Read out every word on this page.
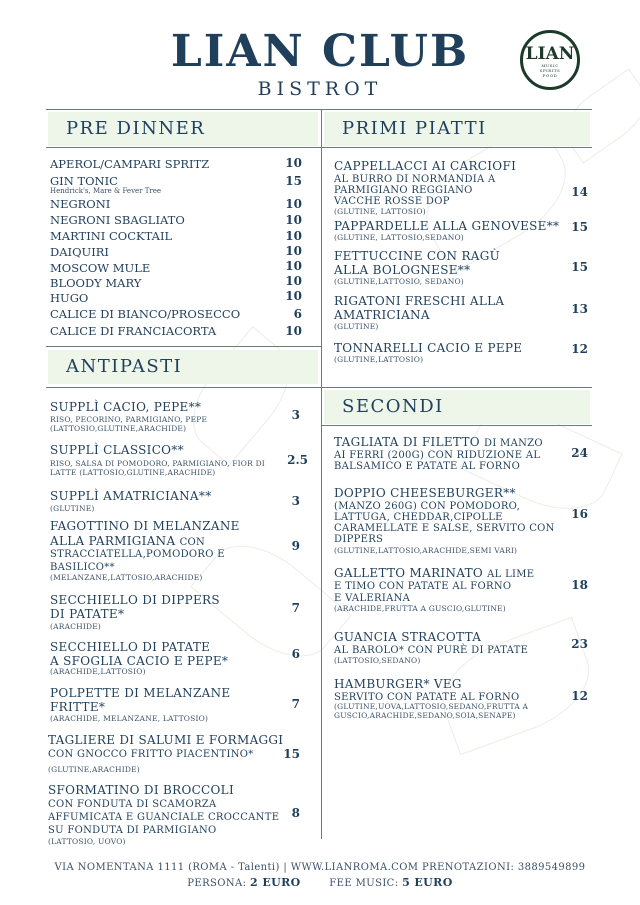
LIAN CLUB
BISTROT
LIAN
MUSIC
SPIRITS
FOOD
PRE DINNER	PRIMI PIATTI
ANTIPASTI
SECONDI
APEROL/CAMPARI SPRITZ	10
GIN TONIC
Hendrick's, Mare & Fever Tree
15
NEGRONI	10
NEGRONI SBAGLIATO	10
MARTINI COCKTAIL	10
DAIQUIRI	10
MOSCOW MULE	10
BLOODY MARY	10
HUGO	10
CALICE DI BIANCO/PROSECCO	6
CALICE DI FRANCIACORTA	10
SUPPLÌ CACIO, PEPE**
RISO, PECORINO, PARMIGIANO, PEPE
(LATTOSIO,GLUTINE,ARACHIDE)
3
SUPPLÌ CLASSICO**
RISO, SALSA DI POMODORO, PARMIGIANO, FIOR DI LATTE (LATTOSIO,GLUTINE,ARACHIDE)
2.5
SUPPLÌ AMATRICIANA**
(GLUTINE)
3
FAGOTTINO DI MELANZANE
ALLA PARMIGIANA CON
STRACCIATELLA,POMODORO E
BASILICO**
(MELANZANE,LATTOSIO,ARACHIDE)
9
SECCHIELLO DI DIPPERS
DI PATATE*
(ARACHIDE)
7
SECCHIELLO DI PATATE
A SFOGLIA CACIO E PEPE*
(ARACHIDE,LATTOSIO)
6
POLPETTE DI MELANZANE
FRITTE*
(ARACHIDE, MELANZANE, LATTOSIO)
7
TAGLIERE DI SALUMI E FORMAGGI
CON GNOCCO FRITTO PIACENTINO*
(GLUTINE,ARACHIDE)
15
SFORMATINO DI BROCCOLI
CON FONDUTA DI SCAMORZA
AFFUMICATA E GUANCIALE CROCCANTE
SU FONDUTA DI PARMIGIANO
(LATTOSIO, UOVO)
8
CAPPELLACCI AI CARCIOFI
AL BURRO DI NORMANDIA A
PARMIGIANO REGGIANO
VACCHE ROSSE DOP
(GLUTINE, LATTOSIO)
14
PAPPARDELLE ALLA GENOVESE**
(GLUTINE, LATTOSIO,SEDANO)
15
FETTUCCINE CON RAGÙ
ALLA BOLOGNESE**
(GLUTINE,LATTOSIO, SEDANO)
15
RIGATONI FRESCHI ALLA
AMATRICIANA
(GLUTINE)
13
TONNARELLI CACIO E PEPE
(GLUTINE,LATTOSIO)
12
TAGLIATA DI FILETTO DI MANZO
AI FERRI (200G) CON RIDUZIONE AL
BALSAMICO E PATATE AL FORNO
24
DOPPIO CHEESEBURGER**
(MANZO 260G) CON POMODORO,
LATTUGA, CHEDDAR,CIPOLLE
CARAMELLATE E SALSE, SERVITO CON
DIPPERS
(GLUTINE,LATTOSIO,ARACHIDE,SEMI VARI)
16
GALLETTO MARINATO AL LIME
E TIMO CON PATATE AL FORNO
E VALERIANA
(ARACHIDE,FRUTTA A GUSCIO,GLUTINE)
18
GUANCIA STRACOTTA
AL BAROLO* CON PURÈ DI PATATE
(LATTOSIO,SEDANO)
23
HAMBURGER* VEG
SERVITO CON PATATE AL FORNO
(GLUTINE,UOVA,LATTOSIO,SEDANO,FRUTTA A GUSCIO,ARACHIDE,SEDANO,SOIA,SENAPE)
12
VIA NOMENTANA 1111 (ROMA - Talenti) | WWW.LIANROMA.COM PRENOTAZIONI: 3889549899
PERSONA: 2 EURO	FEE MUSIC: 5 EURO
